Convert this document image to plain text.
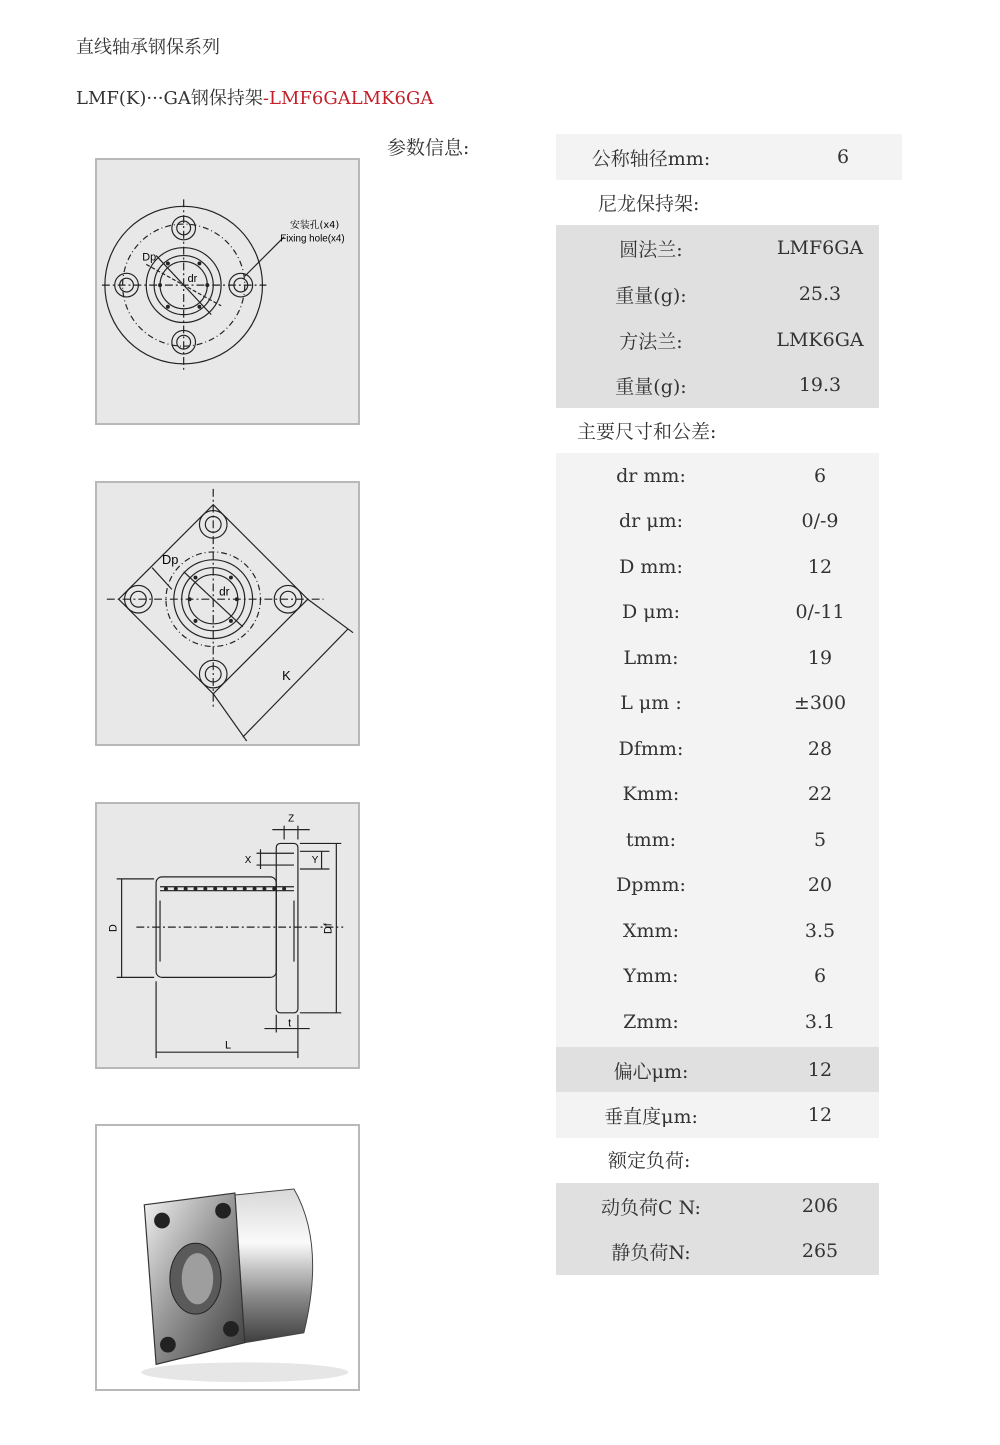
直线轴承钢保系列
LMF(K)···GA钢保持架-LMF6GALMK6GA
参数信息:
Dp
dr
安装孔(x4)
Fixing hole(x4)
Dp
dr
K
D	Df
L
t
X	Y
Z
公称轴径mm:	6
尼龙保持架:
圆法兰:	LMF6GA
重量(g):	25.3
方法兰:	LMK6GA
重量(g):	19.3
主要尺寸和公差:
dr mm:	6
dr μm:	0/-9
D mm:	12
D μm:	0/-11
Lmm:	19
L μm :	±300
Dfmm:	28
Kmm:	22
tmm:	5
Dpmm:	20
Xmm:	3.5
Ymm:	6
Zmm:	3.1
偏心μm:	12
垂直度μm:	12
额定负荷:
动负荷C N:	206
静负荷N:	265
